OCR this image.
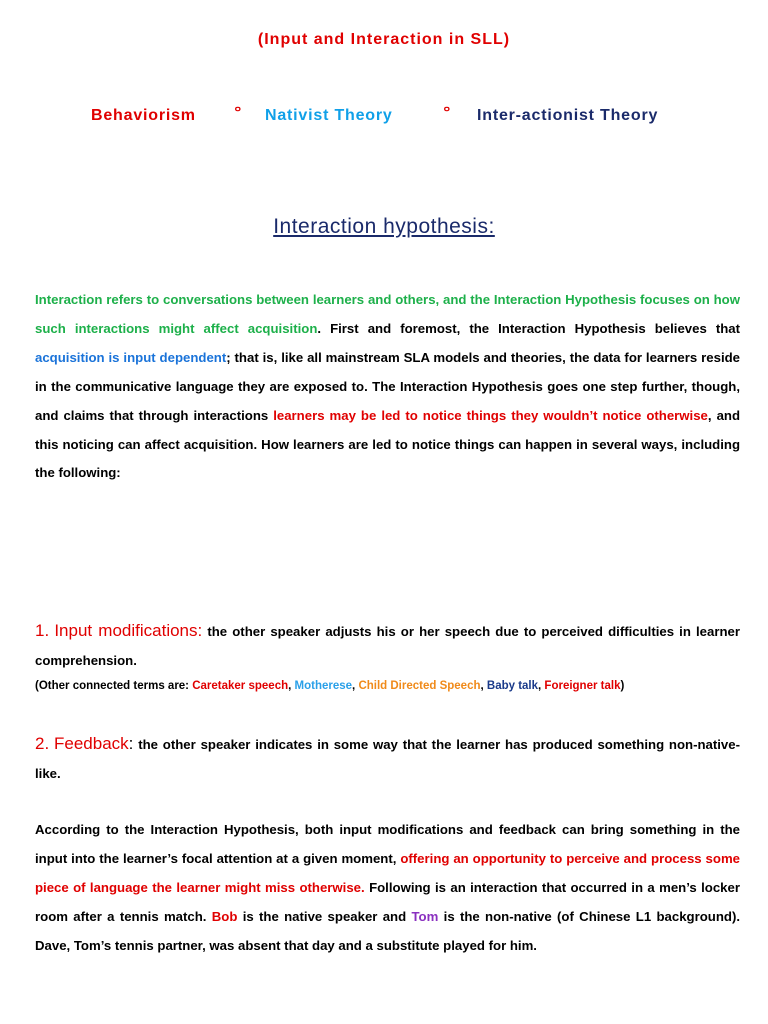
(Input and Interaction in SLL)
Behaviorism	ᄋ Nativist Theory	ᄋ Inter-actionist Theory
Interaction hypothesis:
Interaction refers to conversations between learners and others, and the Interaction Hypothesis focuses on how such interactions might affect acquisition. First and foremost, the Interaction Hypothesis believes that acquisition is input dependent; that is, like all mainstream SLA models and theories, the data for learners reside in the communicative language they are exposed to. The Interaction Hypothesis goes one step further, though, and claims that through interactions learners may be led to notice things they wouldn’t notice otherwise, and this noticing can affect acquisition. How learners are led to notice things can happen in several ways, including the following:
1. Input modifications: the other speaker adjusts his or her speech due to perceived difficulties in learner comprehension.
(Other connected terms are: Caretaker speech, Motherese, Child Directed Speech, Baby talk, Foreigner talk)
2. Feedback: the other speaker indicates in some way that the learner has produced something non-native-like.
According to the Interaction Hypothesis, both input modifications and feedback can bring something in the input into the learner’s focal attention at a given moment, offering an opportunity to perceive and process some piece of language the learner might miss otherwise. Following is an interaction that occurred in a men’s locker room after a tennis match. Bob is the native speaker and Tom is the non-native (of Chinese L1 background). Dave, Tom’s tennis partner, was absent that day and a substitute played for him.
